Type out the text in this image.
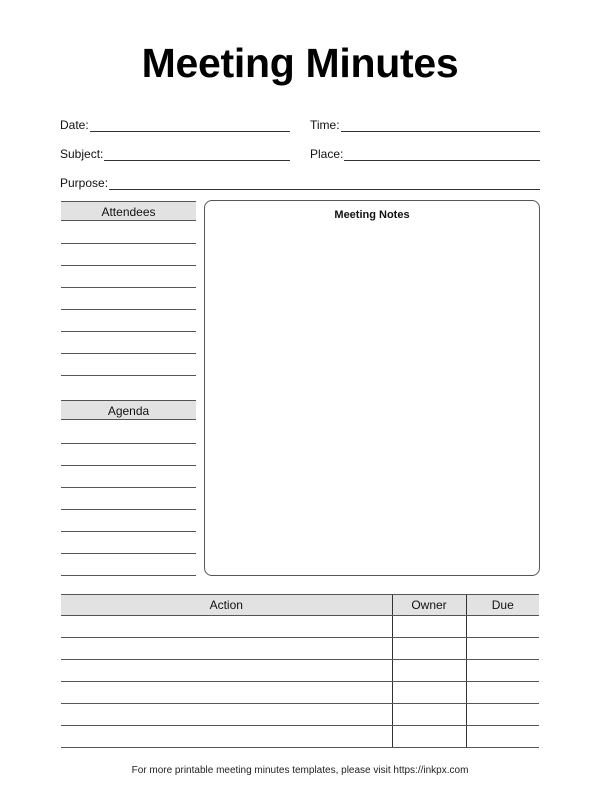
Meeting Minutes
Date:	Time:
Subject:	Place:
Purpose:
Attendees
Agenda
Meeting Notes
Action	Owner	Due

For more printable meeting minutes templates, please visit https://inkpx.com
